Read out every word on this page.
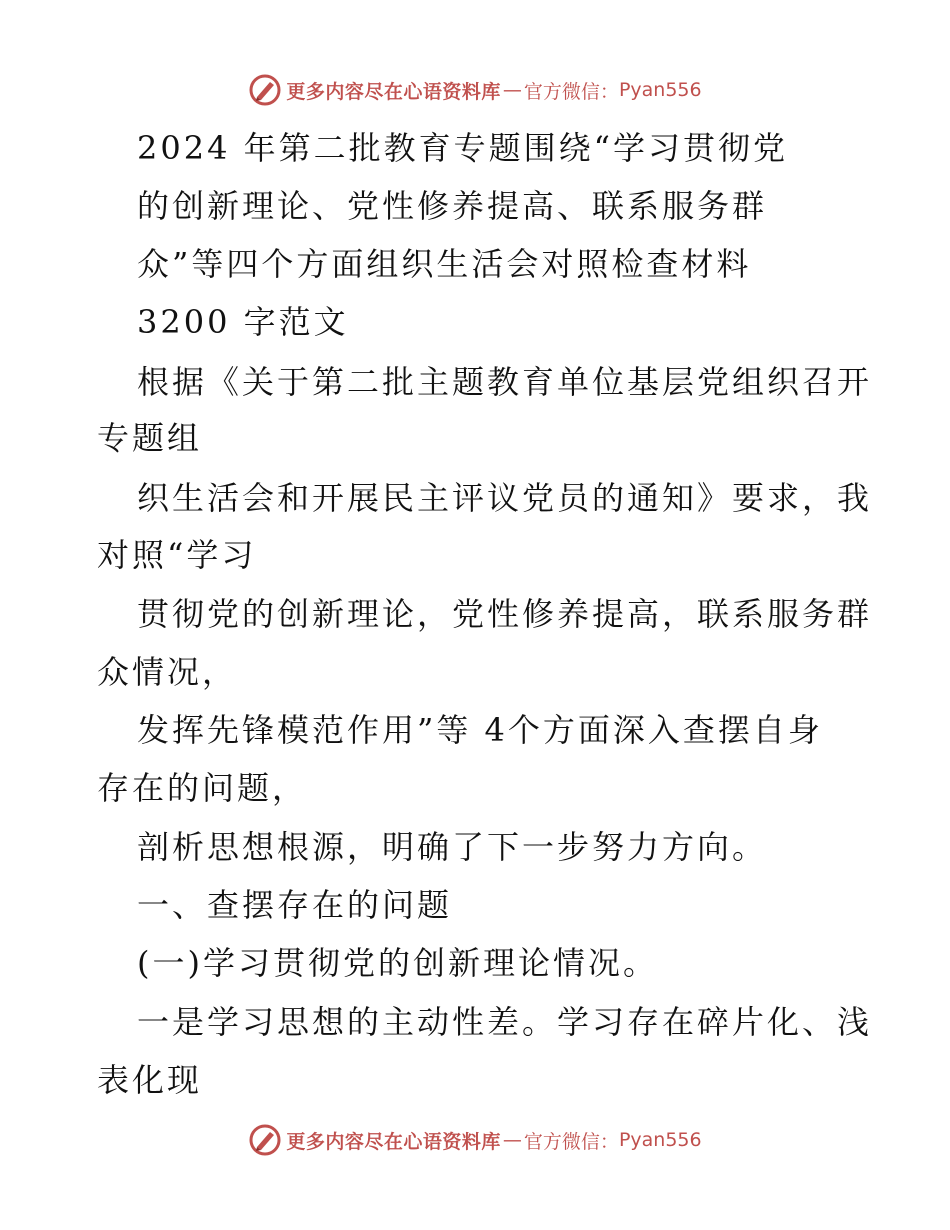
更多内容尽在心语资料库 — 官方微信： Pyan556
2024 年第二批教育专题围绕“学习贯彻党
的创新理论、党性修养提高、联系服务群
众”等四个方面组织生活会对照检查材料
3200 字范文
根据《关于第二批主题教育单位基层党组织召开
专题组
织生活会和开展民主评议党员的通知》要求，我
对照“学习
贯彻党的创新理论，党性修养提高，联系服务群
众情况，
发挥先锋模范作用”等 4个方面深入查摆自身
存在的问题，
剖析思想根源，明确了下一步努力方向。
一、查摆存在的问题
(一)学习贯彻党的创新理论情况。
一是学习思想的主动性差。学习存在碎片化、浅
表化现
更多内容尽在心语资料库 — 官方微信： Pyan556
